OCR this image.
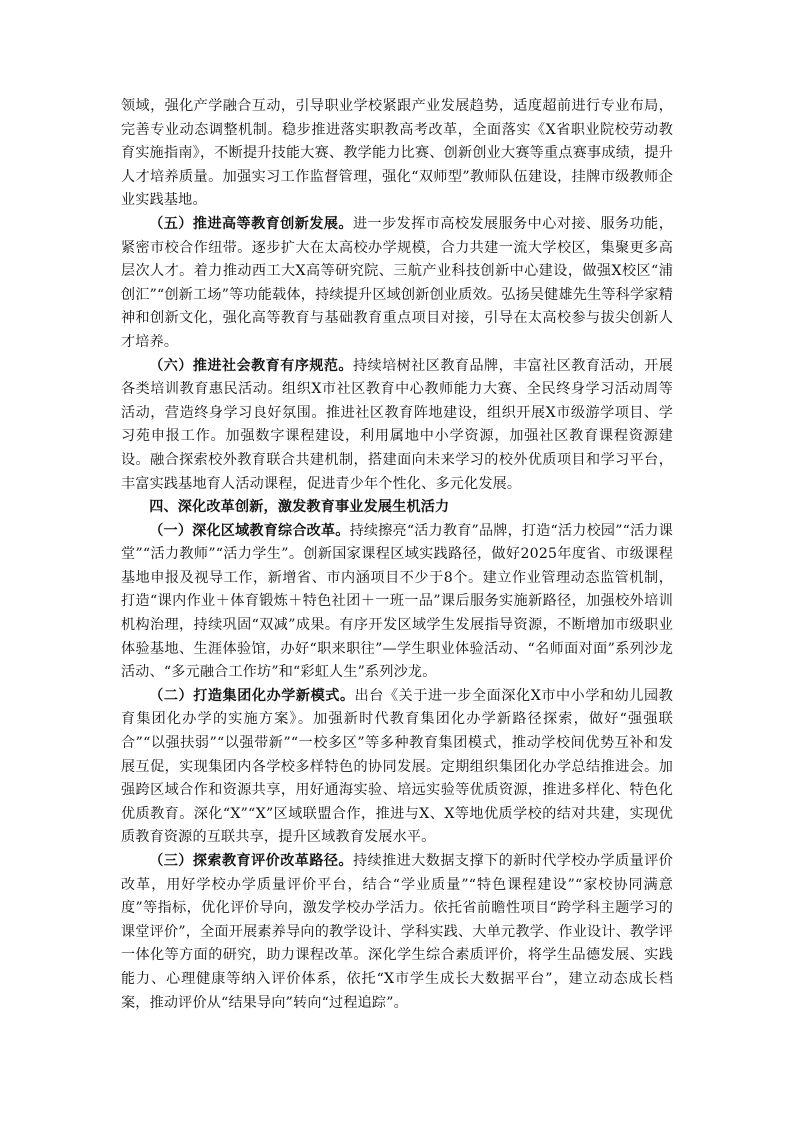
领域，强化产学融合互动，引导职业学校紧跟产业发展趋势，适度超前进行专业布局，完善专业动态调整机制。稳步推进落实职教高考改革，全面落实《X省职业院校劳动教育实施指南》，不断提升技能大赛、教学能力比赛、创新创业大赛等重点赛事成绩，提升人才培养质量。加强实习工作监督管理，强化“双师型”教师队伍建设，挂牌市级教师企业实践基地。

（五）推进高等教育创新发展。进一步发挥市高校发展服务中心对接、服务功能，紧密市校合作纽带。逐步扩大在太高校办学规模，合力共建一流大学校区，集聚更多高层次人才。着力推动西工大X高等研究院、三航产业科技创新中心建设，做强X校区“浦创汇”“创新工场”等功能载体，持续提升区域创新创业质效。弘扬吴健雄先生等科学家精神和创新文化，强化高等教育与基础教育重点项目对接，引导在太高校参与拔尖创新人才培养。

（六）推进社会教育有序规范。持续培树社区教育品牌，丰富社区教育活动，开展各类培训教育惠民活动。组织X市社区教育中心教师能力大赛、全民终身学习活动周等活动，营造终身学习良好氛围。推进社区教育阵地建设，组织开展X市级游学项目、学习苑申报工作。加强数字课程建设，利用属地中小学资源，加强社区教育课程资源建设。融合探索校外教育联合共建机制，搭建面向未来学习的校外优质项目和学习平台，丰富实践基地育人活动课程，促进青少年个性化、多元化发展。

四、深化改革创新，激发教育事业发展生机活力

（一）深化区域教育综合改革。持续擦亮“活力教育”品牌，打造“活力校园”“活力课堂”“活力教师”“活力学生”。创新国家课程区域实践路径，做好2025年度省、市级课程基地申报及视导工作，新增省、市内涵项目不少于8个。建立作业管理动态监管机制，打造“课内作业＋体育锻炼＋特色社团＋一班一品”课后服务实施新路径，加强校外培训机构治理，持续巩固“双减”成果。有序开发区域学生发展指导资源，不断增加市级职业体验基地、生涯体验馆，办好“职来职往”—学生职业体验活动、“名师面对面”系列沙龙活动、“多元融合工作坊”和“彩虹人生”系列沙龙。

（二）打造集团化办学新模式。出台《关于进一步全面深化X市中小学和幼儿园教育集团化办学的实施方案》。加强新时代教育集团化办学新路径探索，做好“强强联合”“以强扶弱”“以强带新”“一校多区”等多种教育集团模式，推动学校间优势互补和发展互促，实现集团内各学校多样特色的协同发展。定期组织集团化办学总结推进会。加强跨区域合作和资源共享，用好通海实验、培远实验等优质资源，推进多样化、特色化优质教育。深化“X”“X”区域联盟合作，推进与X、X等地优质学校的结对共建，实现优质教育资源的互联共享，提升区域教育发展水平。

（三）探索教育评价改革路径。持续推进大数据支撑下的新时代学校办学质量评价改革，用好学校办学质量评价平台，结合“学业质量”“特色课程建设”“家校协同满意度”等指标，优化评价导向，激发学校办学活力。依托省前瞻性项目“跨学科主题学习的课堂评价”，全面开展素养导向的教学设计、学科实践、大单元教学、作业设计、教学评一体化等方面的研究，助力课程改革。深化学生综合素质评价，将学生品德发展、实践能力、心理健康等纳入评价体系，依托“X市学生成长大数据平台”，建立动态成长档案，推动评价从“结果导向”转向“过程追踪”。
